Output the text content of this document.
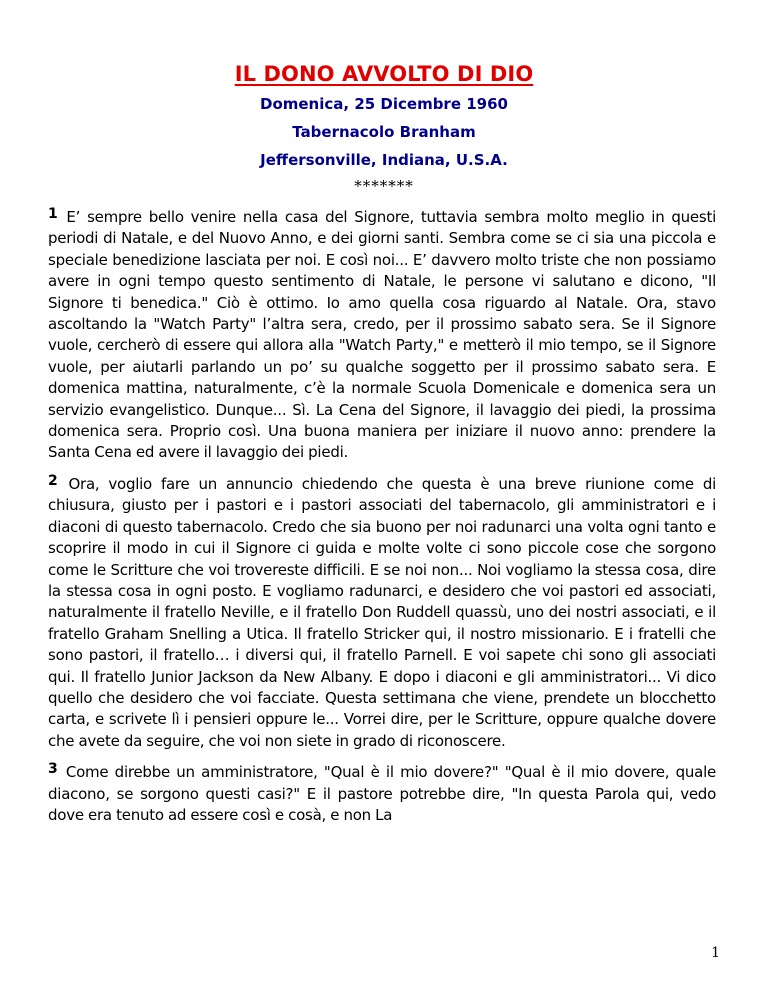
IL DONO AVVOLTO DI DIO
Domenica, 25 Dicembre 1960
Tabernacolo Branham
Jeffersonville, Indiana, U.S.A.
*******

1 E’ sempre bello venire nella casa del Signore, tuttavia sembra molto meglio in questi periodi di Natale, e del Nuovo Anno, e dei giorni santi. Sembra come se ci sia una piccola e speciale benedizione lasciata per noi. E così noi... E’ davvero molto triste che non possiamo avere in ogni tempo questo sentimento di Natale, le persone vi salutano e dicono, "Il Signore ti benedica." Ciò è ottimo. Io amo quella cosa riguardo al Natale. Ora, stavo ascoltando la "Watch Party" l’altra sera, credo, per il prossimo sabato sera. Se il Signore vuole, cercherò di essere qui allora alla "Watch Party," e metterò il mio tempo, se il Signore vuole, per aiutarli parlando un po’ su qualche soggetto per il prossimo sabato sera. E domenica mattina, naturalmente, c’è la normale Scuola Domenicale e domenica sera un servizio evangelistico. Dunque... Sì. La Cena del Signore, il lavaggio dei piedi, la prossima domenica sera. Proprio così. Una buona maniera per iniziare il nuovo anno: prendere la Santa Cena ed avere il lavaggio dei piedi.

2 Ora, voglio fare un annuncio chiedendo che questa è una breve riunione come di chiusura, giusto per i pastori e i pastori associati del tabernacolo, gli amministratori e i diaconi di questo tabernacolo. Credo che sia buono per noi radunarci una volta ogni tanto e scoprire il modo in cui il Signore ci guida e molte volte ci sono piccole cose che sorgono come le Scritture che voi trovereste difficili. E se noi non... Noi vogliamo la stessa cosa, dire la stessa cosa in ogni posto. E vogliamo radunarci, e desidero che voi pastori ed associati, naturalmente il fratello Neville, e il fratello Don Ruddell quassù, uno dei nostri associati, e il fratello Graham Snelling a Utica. Il fratello Stricker qui, il nostro missionario. E i fratelli che sono pastori, il fratello… i diversi qui, il fratello Parnell. E voi sapete chi sono gli associati qui. Il fratello Junior Jackson da New Albany. E dopo i diaconi e gli amministratori... Vi dico quello che desidero che voi facciate. Questa settimana che viene, prendete un blocchetto carta, e scrivete lì i pensieri oppure le... Vorrei dire, per le Scritture, oppure qualche dovere che avete da seguire, che voi non siete in grado di riconoscere.

3 Come direbbe un amministratore, "Qual è il mio dovere?" "Qual è il mio dovere, quale diacono, se sorgono questi casi?" E il pastore potrebbe dire, "In questa Parola qui, vedo dove era tenuto ad essere così e cosà, e non La

1
